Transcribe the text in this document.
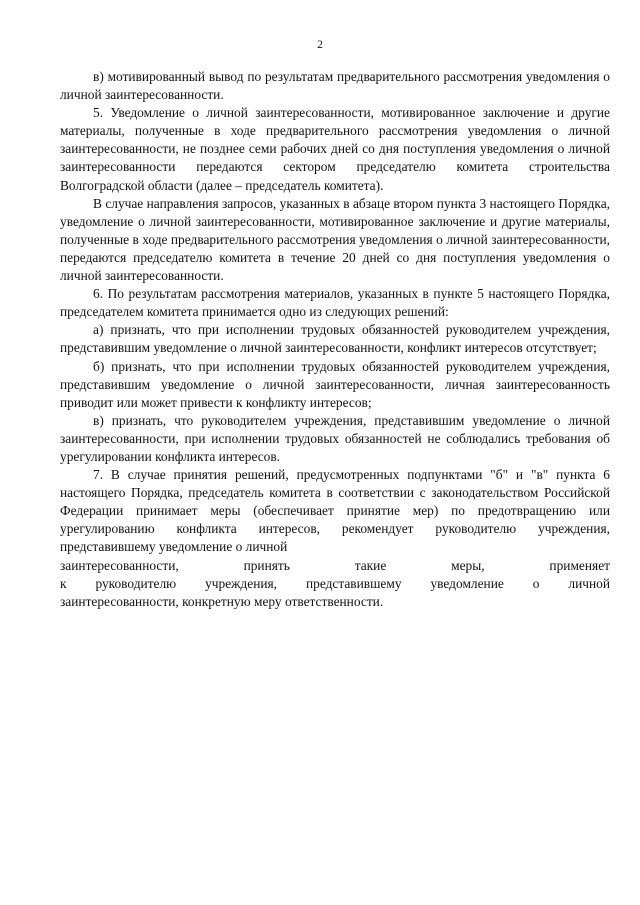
2

в) мотивированный вывод по результатам предварительного рассмотрения уведомления о личной заинтересованности.

5. Уведомление о личной заинтересованности, мотивированное заключение и другие материалы, полученные в ходе предварительного рассмотрения уведомления о личной заинтересованности, не позднее семи рабочих дней со дня поступления уведомления о личной заинтересованности передаются сектором председателю комитета строительства Волгоградской области (далее – председатель комитета).

В случае направления запросов, указанных в абзаце втором пункта 3 настоящего Порядка, уведомление о личной заинтересованности, мотивированное заключение и другие материалы, полученные в ходе предварительного рассмотрения уведомления о личной заинтересованности, передаются председателю комитета в течение 20 дней со дня поступления уведомления о личной заинтересованности.

6. По результатам рассмотрения материалов, указанных в пункте 5 настоящего Порядка, председателем комитета принимается одно из следующих решений:

а) признать, что при исполнении трудовых обязанностей руководителем учреждения, представившим уведомление о личной заинтересованности, конфликт интересов отсутствует;

б) признать, что при исполнении трудовых обязанностей руководителем учреждения, представившим уведомление о личной заинтересованности, личная заинтересованность приводит или может привести к конфликту интересов;

в) признать, что руководителем учреждения, представившим уведомление о личной заинтересованности, при исполнении трудовых обязанностей не соблюдались требования об урегулировании конфликта интересов.

7. В случае принятия решений, предусмотренных подпунктами "б" и "в" пункта 6 настоящего Порядка, председатель комитета в соответствии с законодательством Российской Федерации принимает меры (обеспечивает принятие мер) по предотвращению или урегулированию конфликта интересов, рекомендует руководителю учреждения, представившему уведомление о личной
заинтересованности, принять такие меры, применяет
к руководителю учреждения, представившему уведомление о личной
заинтересованности, конкретную меру ответственности.
